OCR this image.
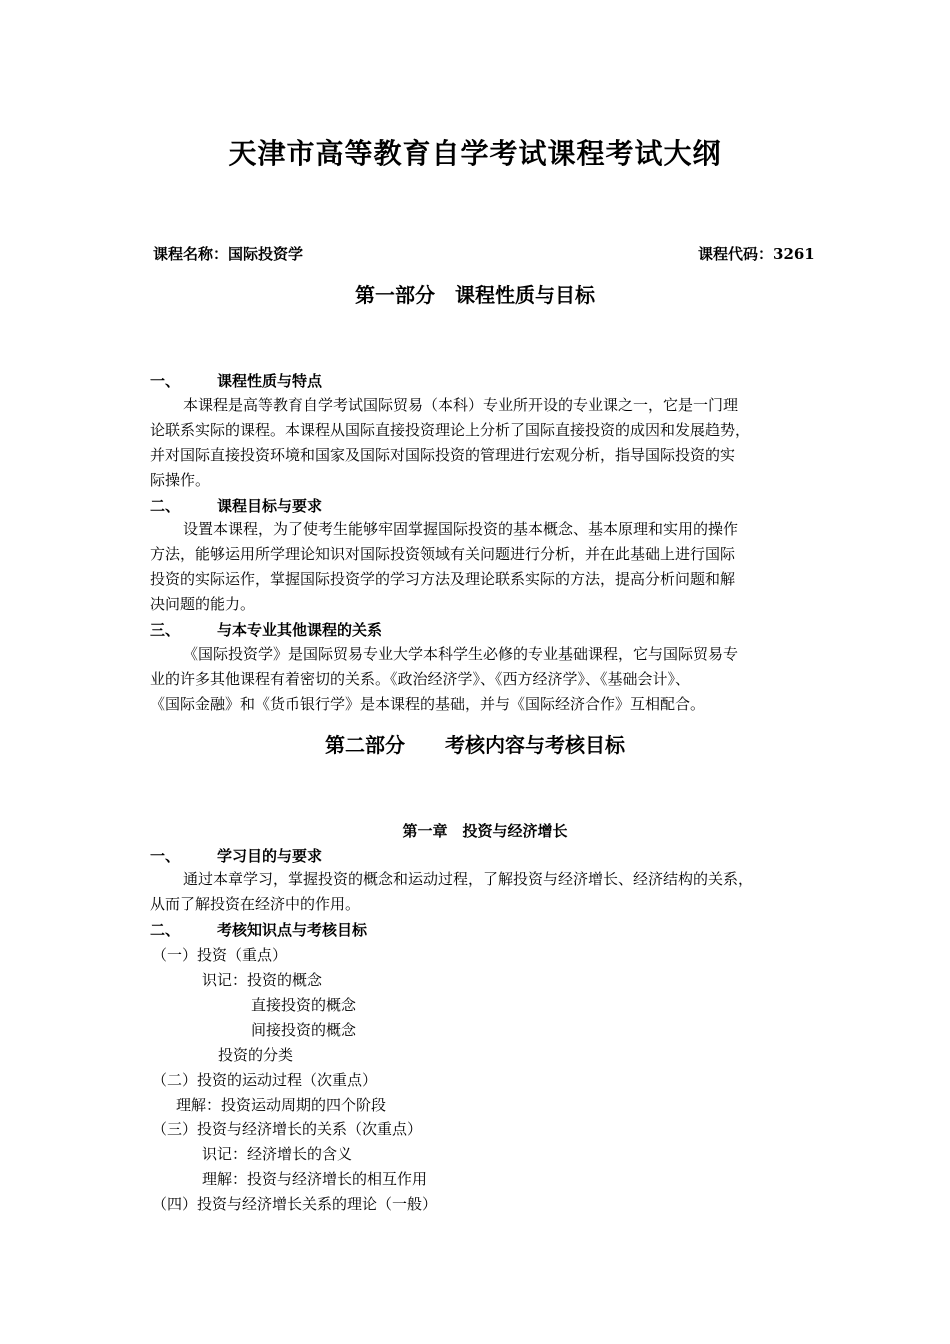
天津市高等教育自学考试课程考试大纲
课程名称：国际投资学	课程代码：3261
第一部分　课程性质与目标
一、 课程性质与特点
本课程是高等教育自学考试国际贸易（本科）专业所开设的专业课之一，它是一门理
论联系实际的课程。本课程从国际直接投资理论上分析了国际直接投资的成因和发展趋势，
并对国际直接投资环境和国家及国际对国际投资的管理进行宏观分析，指导国际投资的实
际操作。
二、 课程目标与要求
设置本课程，为了使考生能够牢固掌握国际投资的基本概念、基本原理和实用的操作
方法，能够运用所学理论知识对国际投资领域有关问题进行分析，并在此基础上进行国际
投资的实际运作，掌握国际投资学的学习方法及理论联系实际的方法，提高分析问题和解
决问题的能力。
三、 与本专业其他课程的关系
《国际投资学》是国际贸易专业大学本科学生必修的专业基础课程，它与国际贸易专
业的许多其他课程有着密切的关系。《政治经济学》、《西方经济学》、《基础会计》、
《国际金融》和《货币银行学》是本课程的基础，并与《国际经济合作》互相配合。
第二部分　　考核内容与考核目标
第一章　投资与经济增长
一、 学习目的与要求
通过本章学习，掌握投资的概念和运动过程，了解投资与经济增长、经济结构的关系，
从而了解投资在经济中的作用。
二、 考核知识点与考核目标
（一）投资（重点）
识记：投资的概念
直接投资的概念
间接投资的概念
投资的分类
（二）投资的运动过程（次重点）
理解：投资运动周期的四个阶段
（三）投资与经济增长的关系（次重点）
识记：经济增长的含义
理解：投资与经济增长的相互作用
（四）投资与经济增长关系的理论（一般）
